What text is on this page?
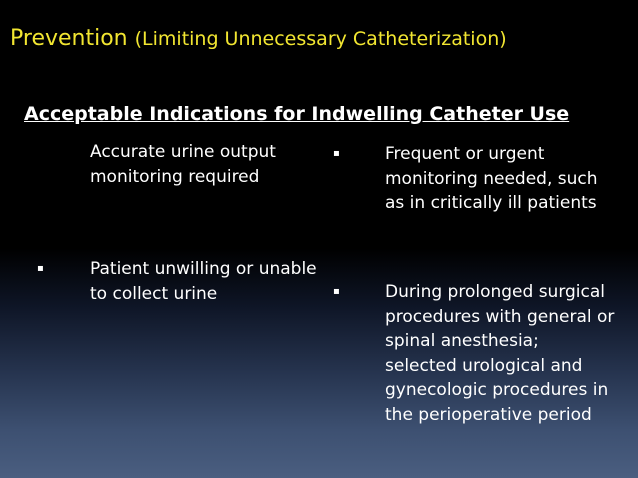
Prevention (Limiting Unnecessary Catheterization)
Acceptable Indications for Indwelling Catheter Use
Accurate urine output monitoring required
▪	Frequent or urgent monitoring needed, such as in critically ill patients
▪	Patient unwilling or unable to collect urine	▪	During prolonged surgical procedures with general or spinal anesthesia; selected urological and gynecologic procedures in the perioperative period
